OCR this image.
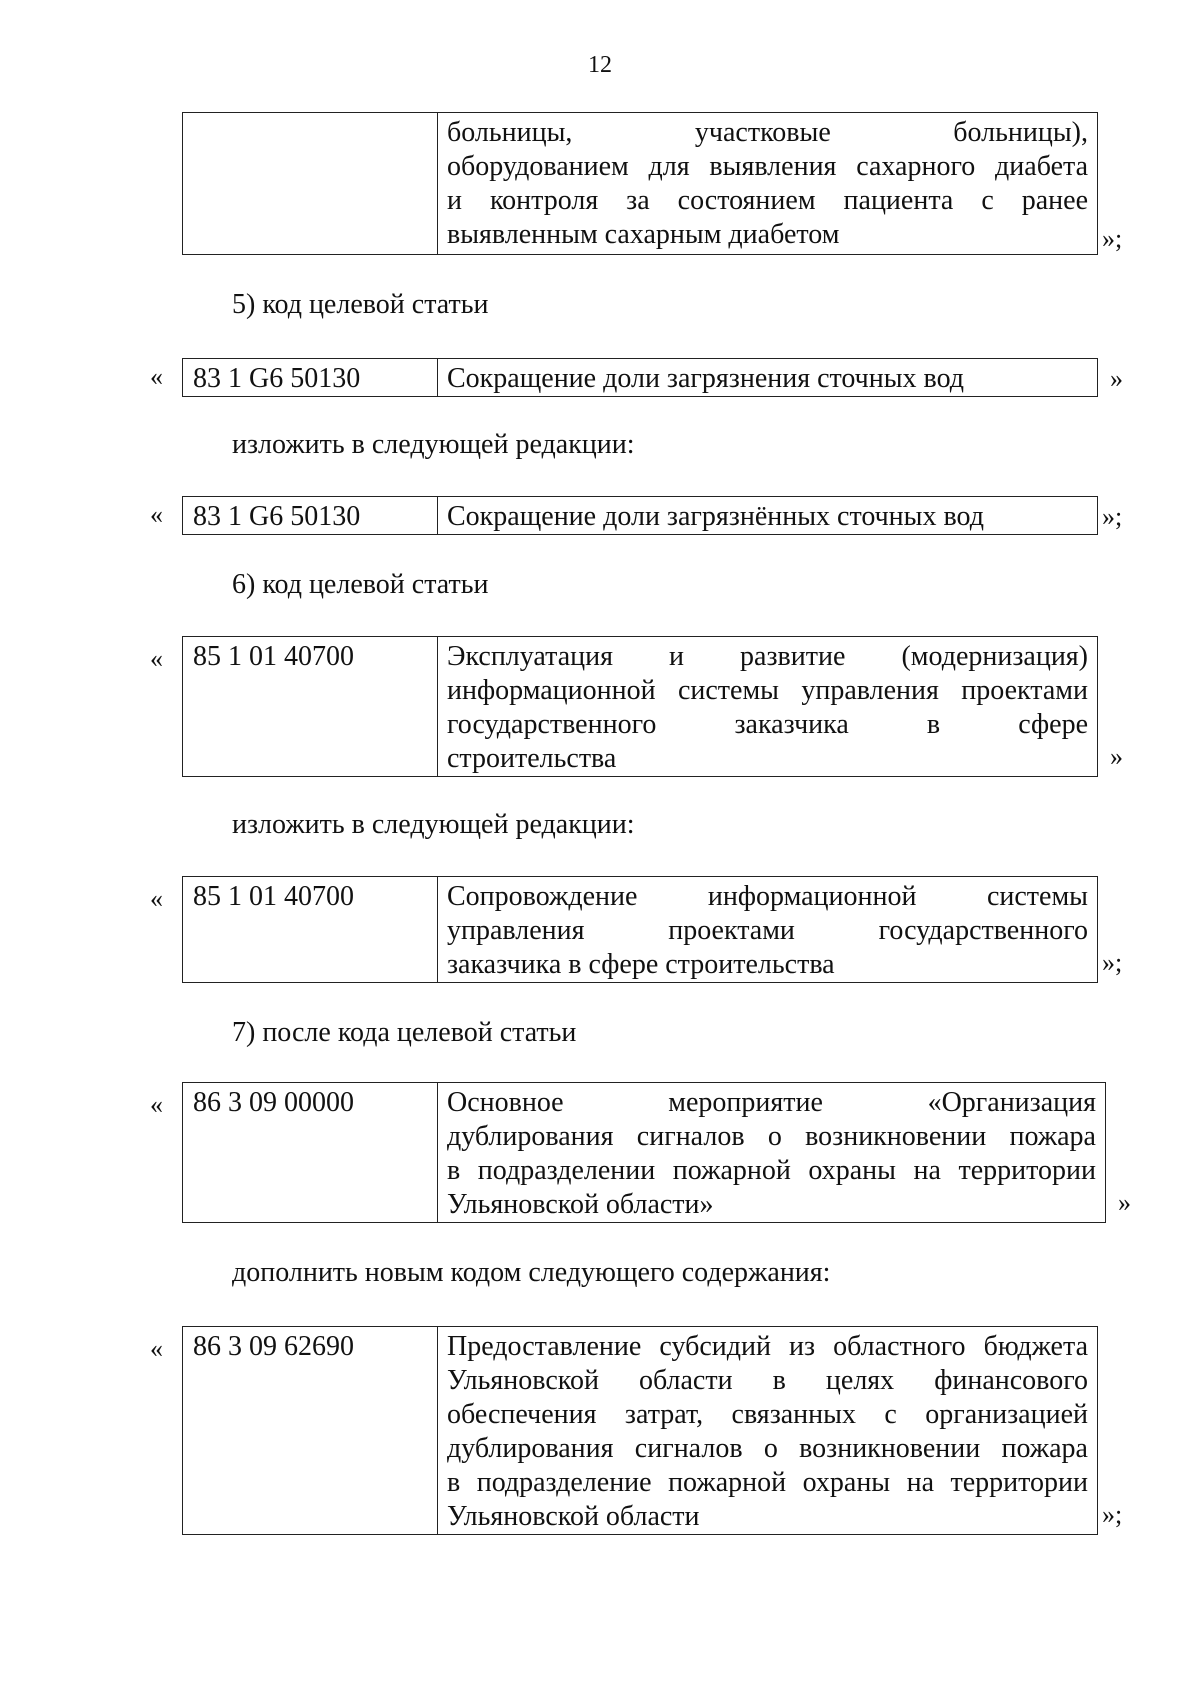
12

больницы, участковые больницы),
оборудованием для выявления сахарного диабета
и контроля за состоянием пациента с ранее
выявленным сахарным диабетом	»;
5) код целевой статьи
« 83 1 G6 50130	Сокращение доли загрязнения сточных вод	»
изложить в следующей редакции:
« 83 1 G6 50130	Сокращение доли загрязнённых сточных вод	»;
6) код целевой статьи
« 85 1 01 40700	Эксплуатация и развитие (модернизация)
информационной системы управления проектами
государственного заказчика в сфере
строительства	»
изложить в следующей редакции:
« 85 1 01 40700	Сопровождение информационной системы
управления проектами государственного
заказчика в сфере строительства	»;
7) после кода целевой статьи
« 86 3 09 00000	Основное мероприятие «Организация
дублирования сигналов о возникновении пожара
в подразделении пожарной охраны на территории
Ульяновской области»	»
дополнить новым кодом следующего содержания:
« 86 3 09 62690	Предоставление субсидий из областного бюджета
Ульяновской области в целях финансового
обеспечения затрат, связанных с организацией
дублирования сигналов о возникновении пожара
в подразделение пожарной охраны на территории
Ульяновской области	»;
